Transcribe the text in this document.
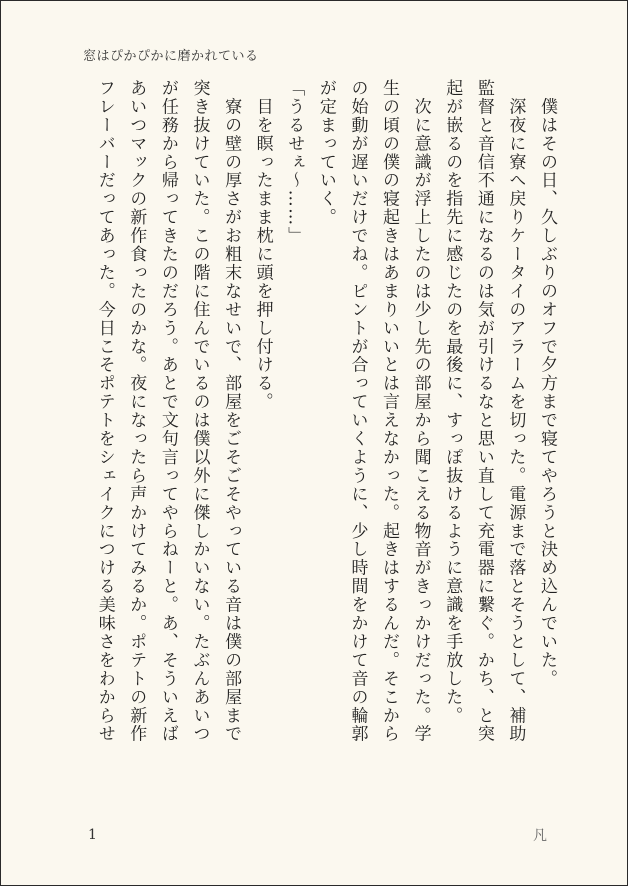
窓はぴかぴかに磨かれている
　僕はその日、久しぶりのオフで夕方まで寝てやろうと決め込んでいた。
　深夜に寮へ戻りケータイのアラームを切った。電源まで落とそうとして、補助
監督と音信不通になるのは気が引けるなと思い直して充電器に繋ぐ。かち、と突
起が嵌るのを指先に感じたのを最後に、すっぽ抜けるように意識を手放した。
　次に意識が浮上したのは少し先の部屋から聞こえる物音がきっかけだった。学
生の頃の僕の寝起きはあまりいいとは言えなかった。起きはするんだ。そこから
の始動が遅いだけでね。ピントが合っていくように、少し時間をかけて音の輪郭
が定まっていく。
「うるせぇ～……」
　目を瞑ったまま枕に頭を押し付ける。
　寮の壁の厚さがお粗末なせいで、部屋をごそごそやっている音は僕の部屋まで
突き抜けていた。この階に住んでいるのは僕以外に傑しかいない。たぶんあいつ
が任務から帰ってきたのだろう。あとで文句言ってやらねーと。あ、そういえば
あいつマックの新作食ったのかな。夜になったら声かけてみるか。ポテトの新作
フレーバーだってあった。今日こそポテトをシェイクにつける美味さをわからせ
1	凡
